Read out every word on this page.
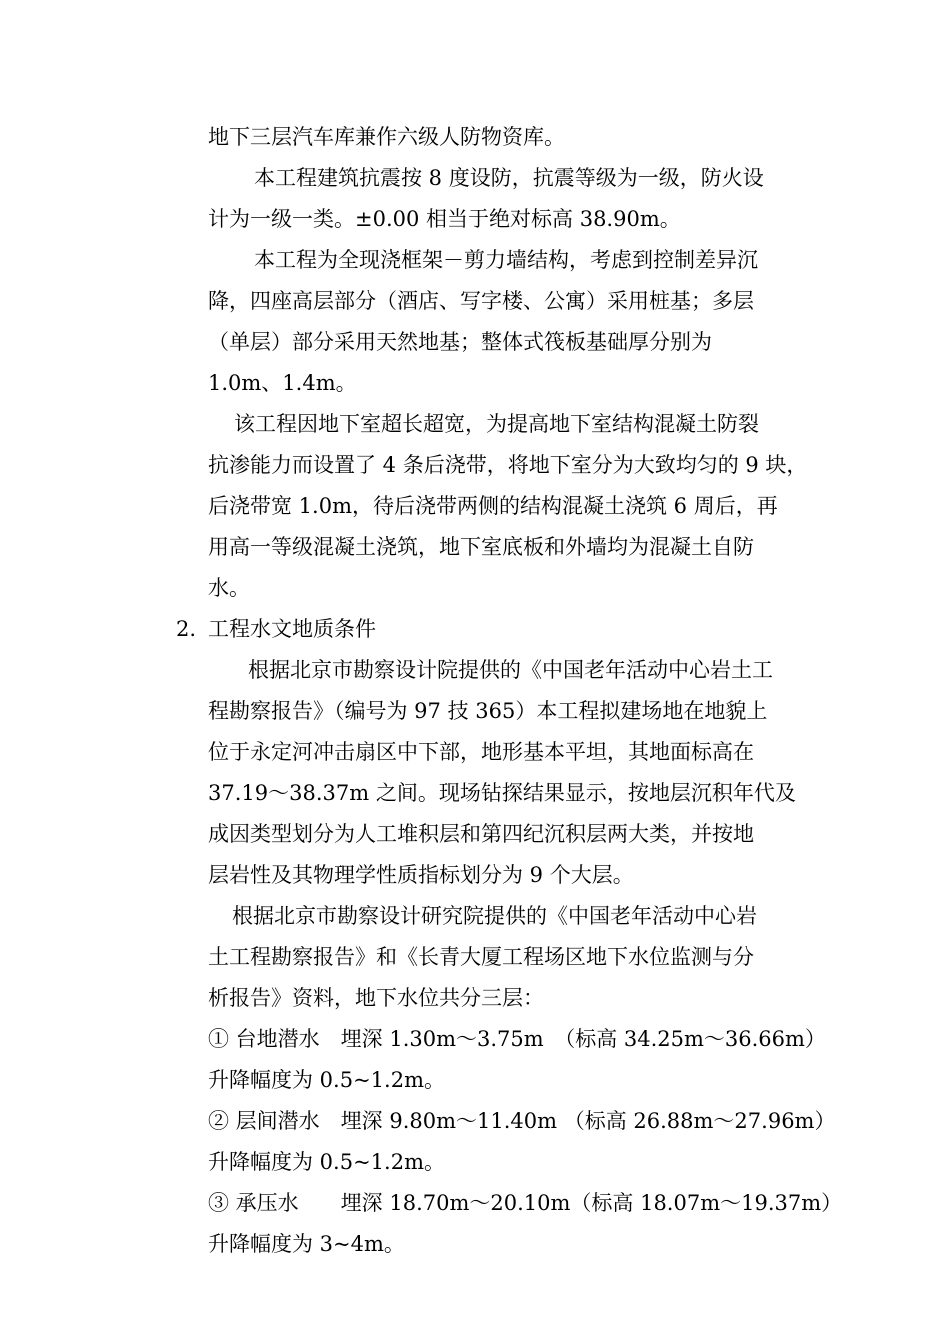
地下三层汽车库兼作六级人防物资库。
本工程建筑抗震按 8 度设防，抗震等级为一级，防火设
计为一级一类。±0.00 相当于绝对标高 38.90m。
本工程为全现浇框架－剪力墙结构，考虑到控制差异沉
降，四座高层部分（酒店、写字楼、公寓）采用桩基；多层
（单层）部分采用天然地基；整体式筏板基础厚分别为
1.0m、1.4m。
该工程因地下室超长超宽，为提高地下室结构混凝土防裂
抗渗能力而设置了 4 条后浇带，将地下室分为大致均匀的 9 块，
后浇带宽 1.0m，待后浇带两侧的结构混凝土浇筑 6 周后，再
用高一等级混凝土浇筑，地下室底板和外墙均为混凝土自防
水。
2. 工程水文地质条件
根据北京市勘察设计院提供的《中国老年活动中心岩土工
程勘察报告》（编号为 97 技 365）本工程拟建场地在地貌上
位于永定河冲击扇区中下部，地形基本平坦，其地面标高在
37.19～38.37m 之间。现场钻探结果显示，按地层沉积年代及
成因类型划分为人工堆积层和第四纪沉积层两大类，并按地
层岩性及其物理学性质指标划分为 9 个大层。
根据北京市勘察设计研究院提供的《中国老年活动中心岩
土工程勘察报告》和《长青大厦工程场区地下水位监测与分
析报告》资料，地下水位共分三层：
① 台地潜水　埋深 1.30m～3.75m　（标高 34.25m～36.66m）
升降幅度为 0.5~1.2m。
② 层间潜水　埋深 9.80m～11.40m （标高 26.88m～27.96m）
升降幅度为 0.5~1.2m。
③ 承压水　　埋深 18.70m～20.10m（标高 18.07m～19.37m）
升降幅度为 3~4m。
